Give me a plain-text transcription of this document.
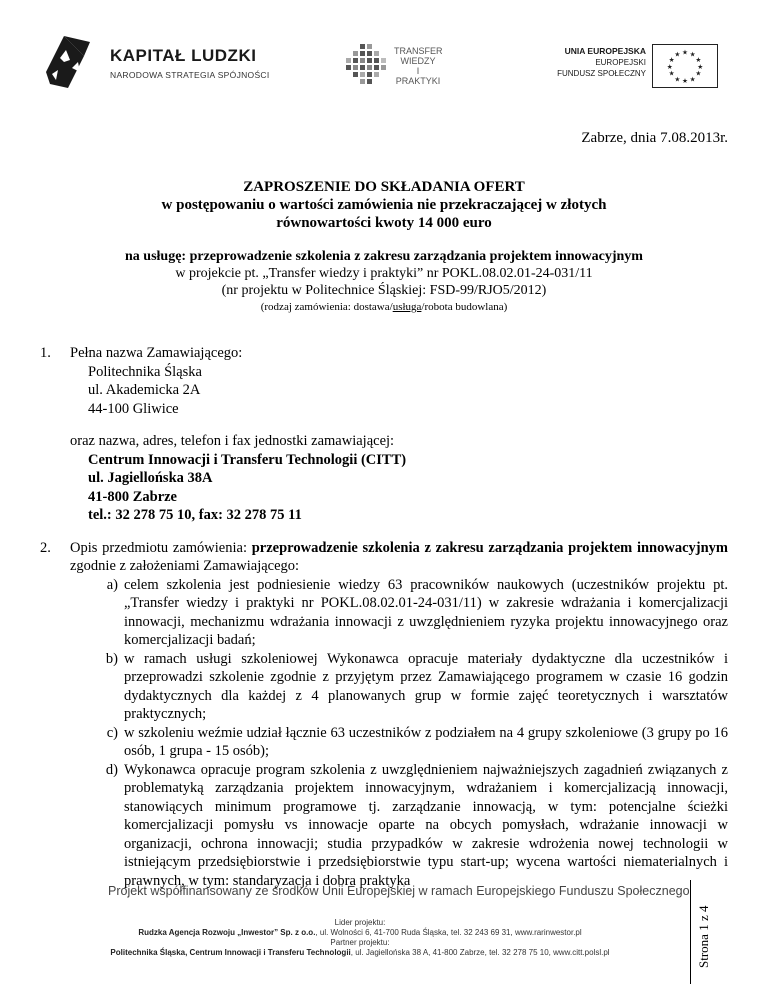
KAPITAŁ LUDZKI
NARODOWA STRATEGIA SPÓJNOŚCI
TRANSFER
WIEDZY
I PRAKTYKI
UNIA EUROPEJSKA
EUROPEJSKI
FUNDUSZ SPOŁECZNY
★ ★
★
★
★
★
★
★
★
★
★
★
Zabrze, dnia 7.08.2013r.
ZAPROSZENIE DO SKŁADANIA OFERT
w postępowaniu o wartości zamówienia nie przekraczającej w złotych
równowartości kwoty 14 000 euro
na usługę: przeprowadzenie szkolenia z zakresu zarządzania projektem innowacyjnym
w projekcie pt. „Transfer wiedzy i praktyki” nr POKL.08.02.01-24-031/11
(nr projektu w Politechnice Śląskiej: FSD-99/RJO5/2012)
(rodzaj zamówienia: dostawa/usługa/robota budowlana)
1. Pełna nazwa Zamawiającego:
Politechnika Śląska
ul. Akademicka 2A
44-100 Gliwice
oraz nazwa, adres, telefon i fax jednostki zamawiającej:
Centrum Innowacji i Transferu Technologii (CITT)
ul. Jagiellońska 38A
41-800 Zabrze
tel.: 32 278 75 10, fax: 32 278 75 11
2. Opis przedmiotu zamówienia: przeprowadzenie szkolenia z zakresu zarządzania projektem innowacyjnym zgodnie z założeniami Zamawiającego:
a) celem szkolenia jest podniesienie wiedzy 63 pracowników naukowych (uczestników projektu pt. „Transfer wiedzy i praktyki nr POKL.08.02.01-24-031/11) w zakresie wdrażania i komercjalizacji innowacji, mechanizmu wdrażania innowacji z uwzględnieniem ryzyka projektu innowacyjnego oraz komercjalizacji badań;
b) w ramach usługi szkoleniowej Wykonawca opracuje materiały dydaktyczne dla uczestników i przeprowadzi szkolenie zgodnie z przyjętym przez Zamawiającego programem w czasie 16 godzin dydaktycznych dla każdej z 4 planowanych grup w formie zajęć teoretycznych i warsztatów praktycznych;
c) w szkoleniu weźmie udział łącznie 63 uczestników z podziałem na 4 grupy szkoleniowe (3 grupy po 16 osób, 1 grupa - 15 osób);
d) Wykonawca opracuje program szkolenia z uwzględnieniem najważniejszych zagadnień związanych z problematyką zarządzania projektem innowacyjnym, wdrażaniem i komercjalizacją innowacji, stanowiących minimum programowe tj. zarządzanie innowacją, w tym: potencjalne ścieżki komercjalizacji pomysłu vs innowacje oparte na obcych pomysłach, wdrażanie innowacji w organizacji, ochrona innowacji; studia przypadków w zakresie wdrożenia nowej technologii w istniejącym przedsiębiorstwie i przedsiębiorstwie typu start-up; wycena wartości niematerialnych i prawnych, w tym: standaryzacja i dobra praktyka
Projekt współfinansowany ze środków Unii Europejskiej w ramach Europejskiego Funduszu Społecznego
Lider projektu:
Rudzka Agencja Rozwoju „Inwestor” Sp. z o.o., ul. Wolności 6, 41-700 Ruda Śląska, tel. 32 243 69 31, www.rarinwestor.pl
Partner projektu:
Politechnika Śląska, Centrum Innowacji i Transferu Technologii, ul. Jagiellońska 38 A, 41-800 Zabrze, tel. 32 278 75 10, www.citt.polsl.pl	Strona 1 z 4
